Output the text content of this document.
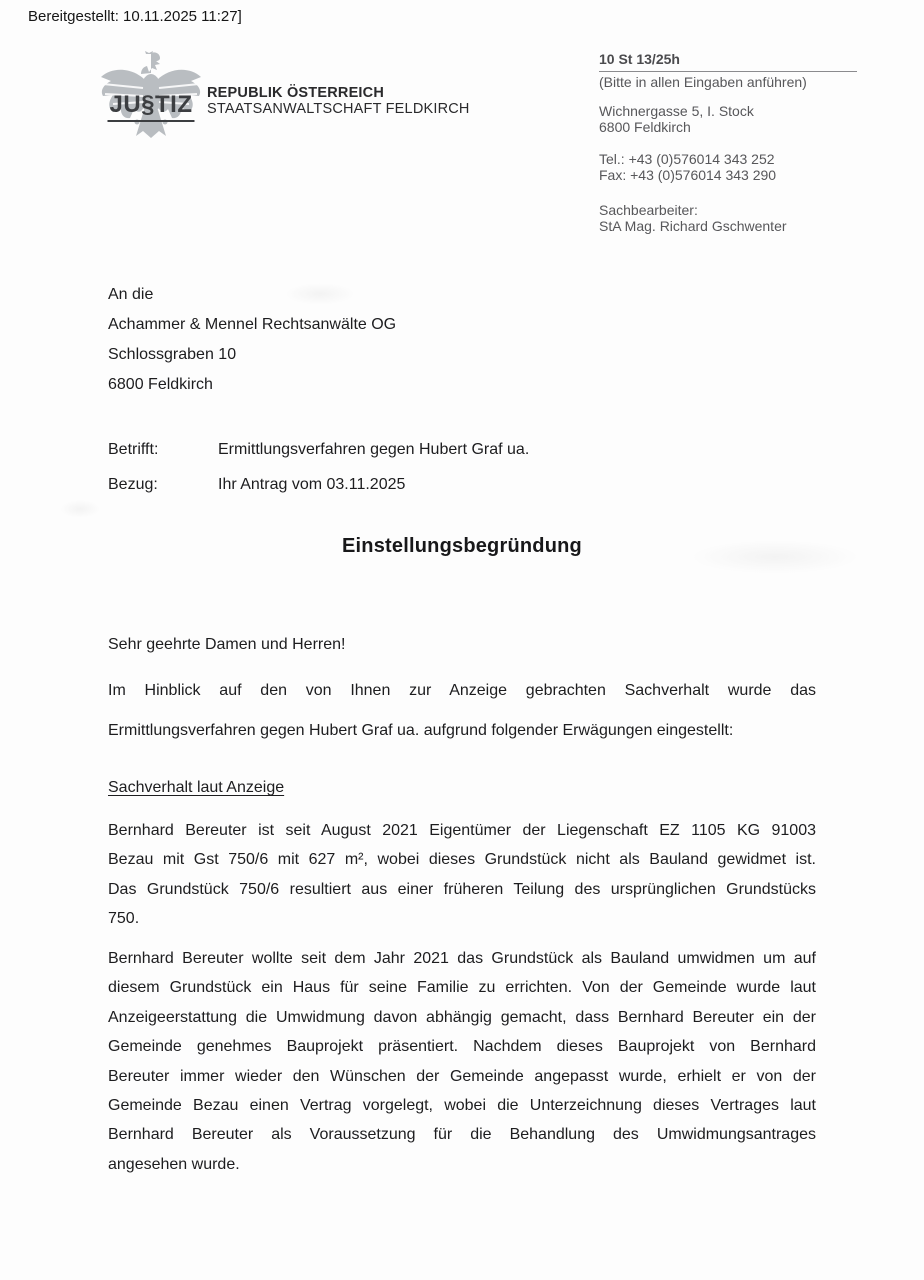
Bereitgestellt: 10.11.2025 11:27]
JU§TIZ REPUBLIK ÖSTERREICH
STAATSANWALTSCHAFT FELDKIRCH
10 St 13/25h
(Bitte in allen Eingaben anführen)
Wichnergasse 5, I. Stock
6800 Feldkirch
Tel.: +43 (0)576014 343 252
Fax: +43 (0)576014 343 290
Sachbearbeiter:
StA Mag. Richard Gschwenter
An die
Achammer & Mennel Rechtsanwälte OG
Schlossgraben 10
6800 Feldkirch
Betrifft:	Ermittlungsverfahren gegen Hubert Graf ua.
Bezug:	Ihr Antrag vom 03.11.2025
Einstellungsbegründung
Sehr geehrte Damen und Herren!
Im Hinblick auf den von Ihnen zur Anzeige gebrachten Sachverhalt wurde das
Ermittlungsverfahren gegen Hubert Graf ua. aufgrund folgender Erwägungen eingestellt:
Sachverhalt laut Anzeige
Bernhard Bereuter ist seit August 2021 Eigentümer der Liegenschaft EZ 1105 KG 91003
Bezau mit Gst 750/6 mit 627 m², wobei dieses Grundstück nicht als Bauland gewidmet ist.
Das Grundstück 750/6 resultiert aus einer früheren Teilung des ursprünglichen Grundstücks
750.
Bernhard Bereuter wollte seit dem Jahr 2021 das Grundstück als Bauland umwidmen um auf
diesem Grundstück ein Haus für seine Familie zu errichten. Von der Gemeinde wurde laut
Anzeigeerstattung die Umwidmung davon abhängig gemacht, dass Bernhard Bereuter ein der
Gemeinde genehmes Bauprojekt präsentiert. Nachdem dieses Bauprojekt von Bernhard
Bereuter immer wieder den Wünschen der Gemeinde angepasst wurde, erhielt er von der
Gemeinde Bezau einen Vertrag vorgelegt, wobei die Unterzeichnung dieses Vertrages laut
Bernhard Bereuter als Voraussetzung für die Behandlung des Umwidmungsantrages
angesehen wurde.
